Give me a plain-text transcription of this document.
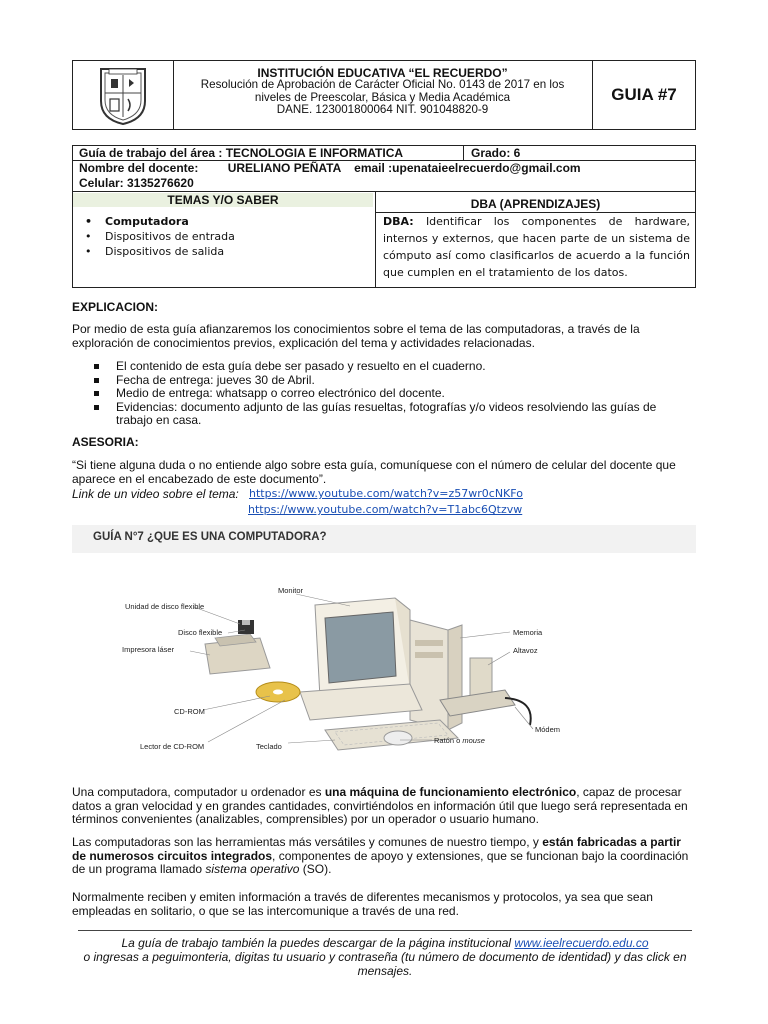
INSTITUCIÓN EDUCATIVA “EL RECUERDO”
Resolución de Aprobación de Carácter Oficial No. 0143 de 2017 en los
niveles de Preescolar, Básica y Media Académica
DANE. 123001800064 NIT. 901048820-9
GUIA #7
Guía de trabajo del área : TECNOLOGIA E INFORMATICA	Grado: 6
Nombre del docente: URELIANO PEÑATA email :upenataieelrecuerdo@gmail.com
Celular: 3135276620
TEMAS Y/O SABER	DBA (APRENDIZAJES)
• Computadora
• Dispositivos de entrada
• Dispositivos de salida
DBA: Identificar los componentes de hardware, internos y externos, que hacen parte de un sistema de cómputo así como clasificarlos de acuerdo a la función que cumplen en el tratamiento de los datos.
EXPLICACION:
Por medio de esta guía afianzaremos los conocimientos sobre el tema de las computadoras, a través de la exploración de conocimientos previos, explicación del tema y actividades relacionadas.
El contenido de esta guía debe ser pasado y resuelto en el cuaderno.
Fecha de entrega: jueves 30 de Abril.
Medio de entrega: whatsapp o correo electrónico del docente.
Evidencias: documento adjunto de las guías resueltas, fotografías y/o videos resolviendo las guías de trabajo en casa.
ASESORIA:
“Si tiene alguna duda o no entiende algo sobre esta guía, comuníquese con el número de celular del docente que aparece en el encabezado de este documento”.
Link de un video sobre el tema: https://www.youtube.com/watch?v=z57wr0cNKFo
https://www.youtube.com/watch?v=T1abc6Qtzvw
GUÍA N°7 ¿QUE ES UNA COMPUTADORA?
Monitor
Unidad de disco flexible
Disco flexible
Impresora láser
CD-ROM
Lector de CD-ROM	Teclado
Ratón o mouse
Módem
Altavoz
Memoria
Una computadora, computador u ordenador es una máquina de funcionamiento electrónico, capaz de procesar datos a gran velocidad y en grandes cantidades, convirtiéndolos en información útil que luego será representada en términos convenientes (analizables, comprensibles) por un operador o usuario humano.
Las computadoras son las herramientas más versátiles y comunes de nuestro tiempo, y están fabricadas a partir de numerosos circuitos integrados, componentes de apoyo y extensiones, que se funcionan bajo la coordinación de un programa llamado sistema operativo (SO).
Normalmente reciben y emiten información a través de diferentes mecanismos y protocolos, ya sea que sean empleadas en solitario, o que se las intercomunique a través de una red.
La guía de trabajo también la puedes descargar de la página institucional www.ieelrecuerdo.edu.co
o ingresas a peguimonteria, digitas tu usuario y contraseña (tu número de documento de identidad) y das click en mensajes.
